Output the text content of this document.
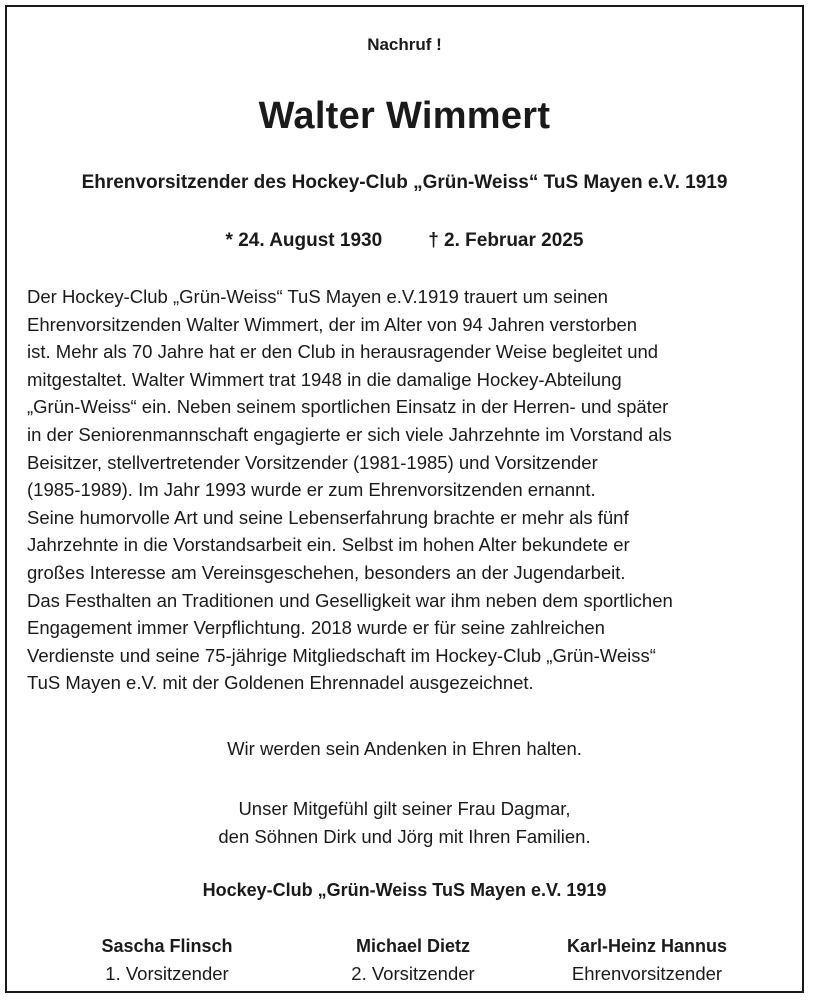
Nachruf !
Walter Wimmert
Ehrenvorsitzender des Hockey-Club „Grün-Weiss“ TuS Mayen e.V. 1919
* 24. August 1930 † 2. Februar 2025

Der Hockey-Club „Grün-Weiss“ TuS Mayen e.V.1919 trauert um seinen
Ehrenvorsitzenden Walter Wimmert, der im Alter von 94 Jahren verstorben
ist. Mehr als 70 Jahre hat er den Club in herausragender Weise begleitet und
mitgestaltet. Walter Wimmert trat 1948 in die damalige Hockey-Abteilung
„Grün-Weiss“ ein. Neben seinem sportlichen Einsatz in der Herren- und später
in der Seniorenmannschaft engagierte er sich viele Jahrzehnte im Vorstand als
Beisitzer, stellvertretender Vorsitzender (1981-1985) und Vorsitzender
(1985-1989). Im Jahr 1993 wurde er zum Ehrenvorsitzenden ernannt.
Seine humorvolle Art und seine Lebenserfahrung brachte er mehr als fünf
Jahrzehnte in die Vorstandsarbeit ein. Selbst im hohen Alter bekundete er
großes Interesse am Vereinsgeschehen, besonders an der Jugendarbeit.
Das Festhalten an Traditionen und Geselligkeit war ihm neben dem sportlichen
Engagement immer Verpflichtung. 2018 wurde er für seine zahlreichen
Verdienste und seine 75-jährige Mitgliedschaft im Hockey-Club „Grün-Weiss“
TuS Mayen e.V. mit der Goldenen Ehrennadel ausgezeichnet.

Wir werden sein Andenken in Ehren halten.
Unser Mitgefühl gilt seiner Frau Dagmar,
den Söhnen Dirk und Jörg mit Ihren Familien.
Hockey-Club „Grün-Weiss TuS Mayen e.V. 1919
Sascha Flinsch
1. Vorsitzender
Michael Dietz
2. Vorsitzender
Karl-Heinz Hannus
Ehrenvorsitzender
